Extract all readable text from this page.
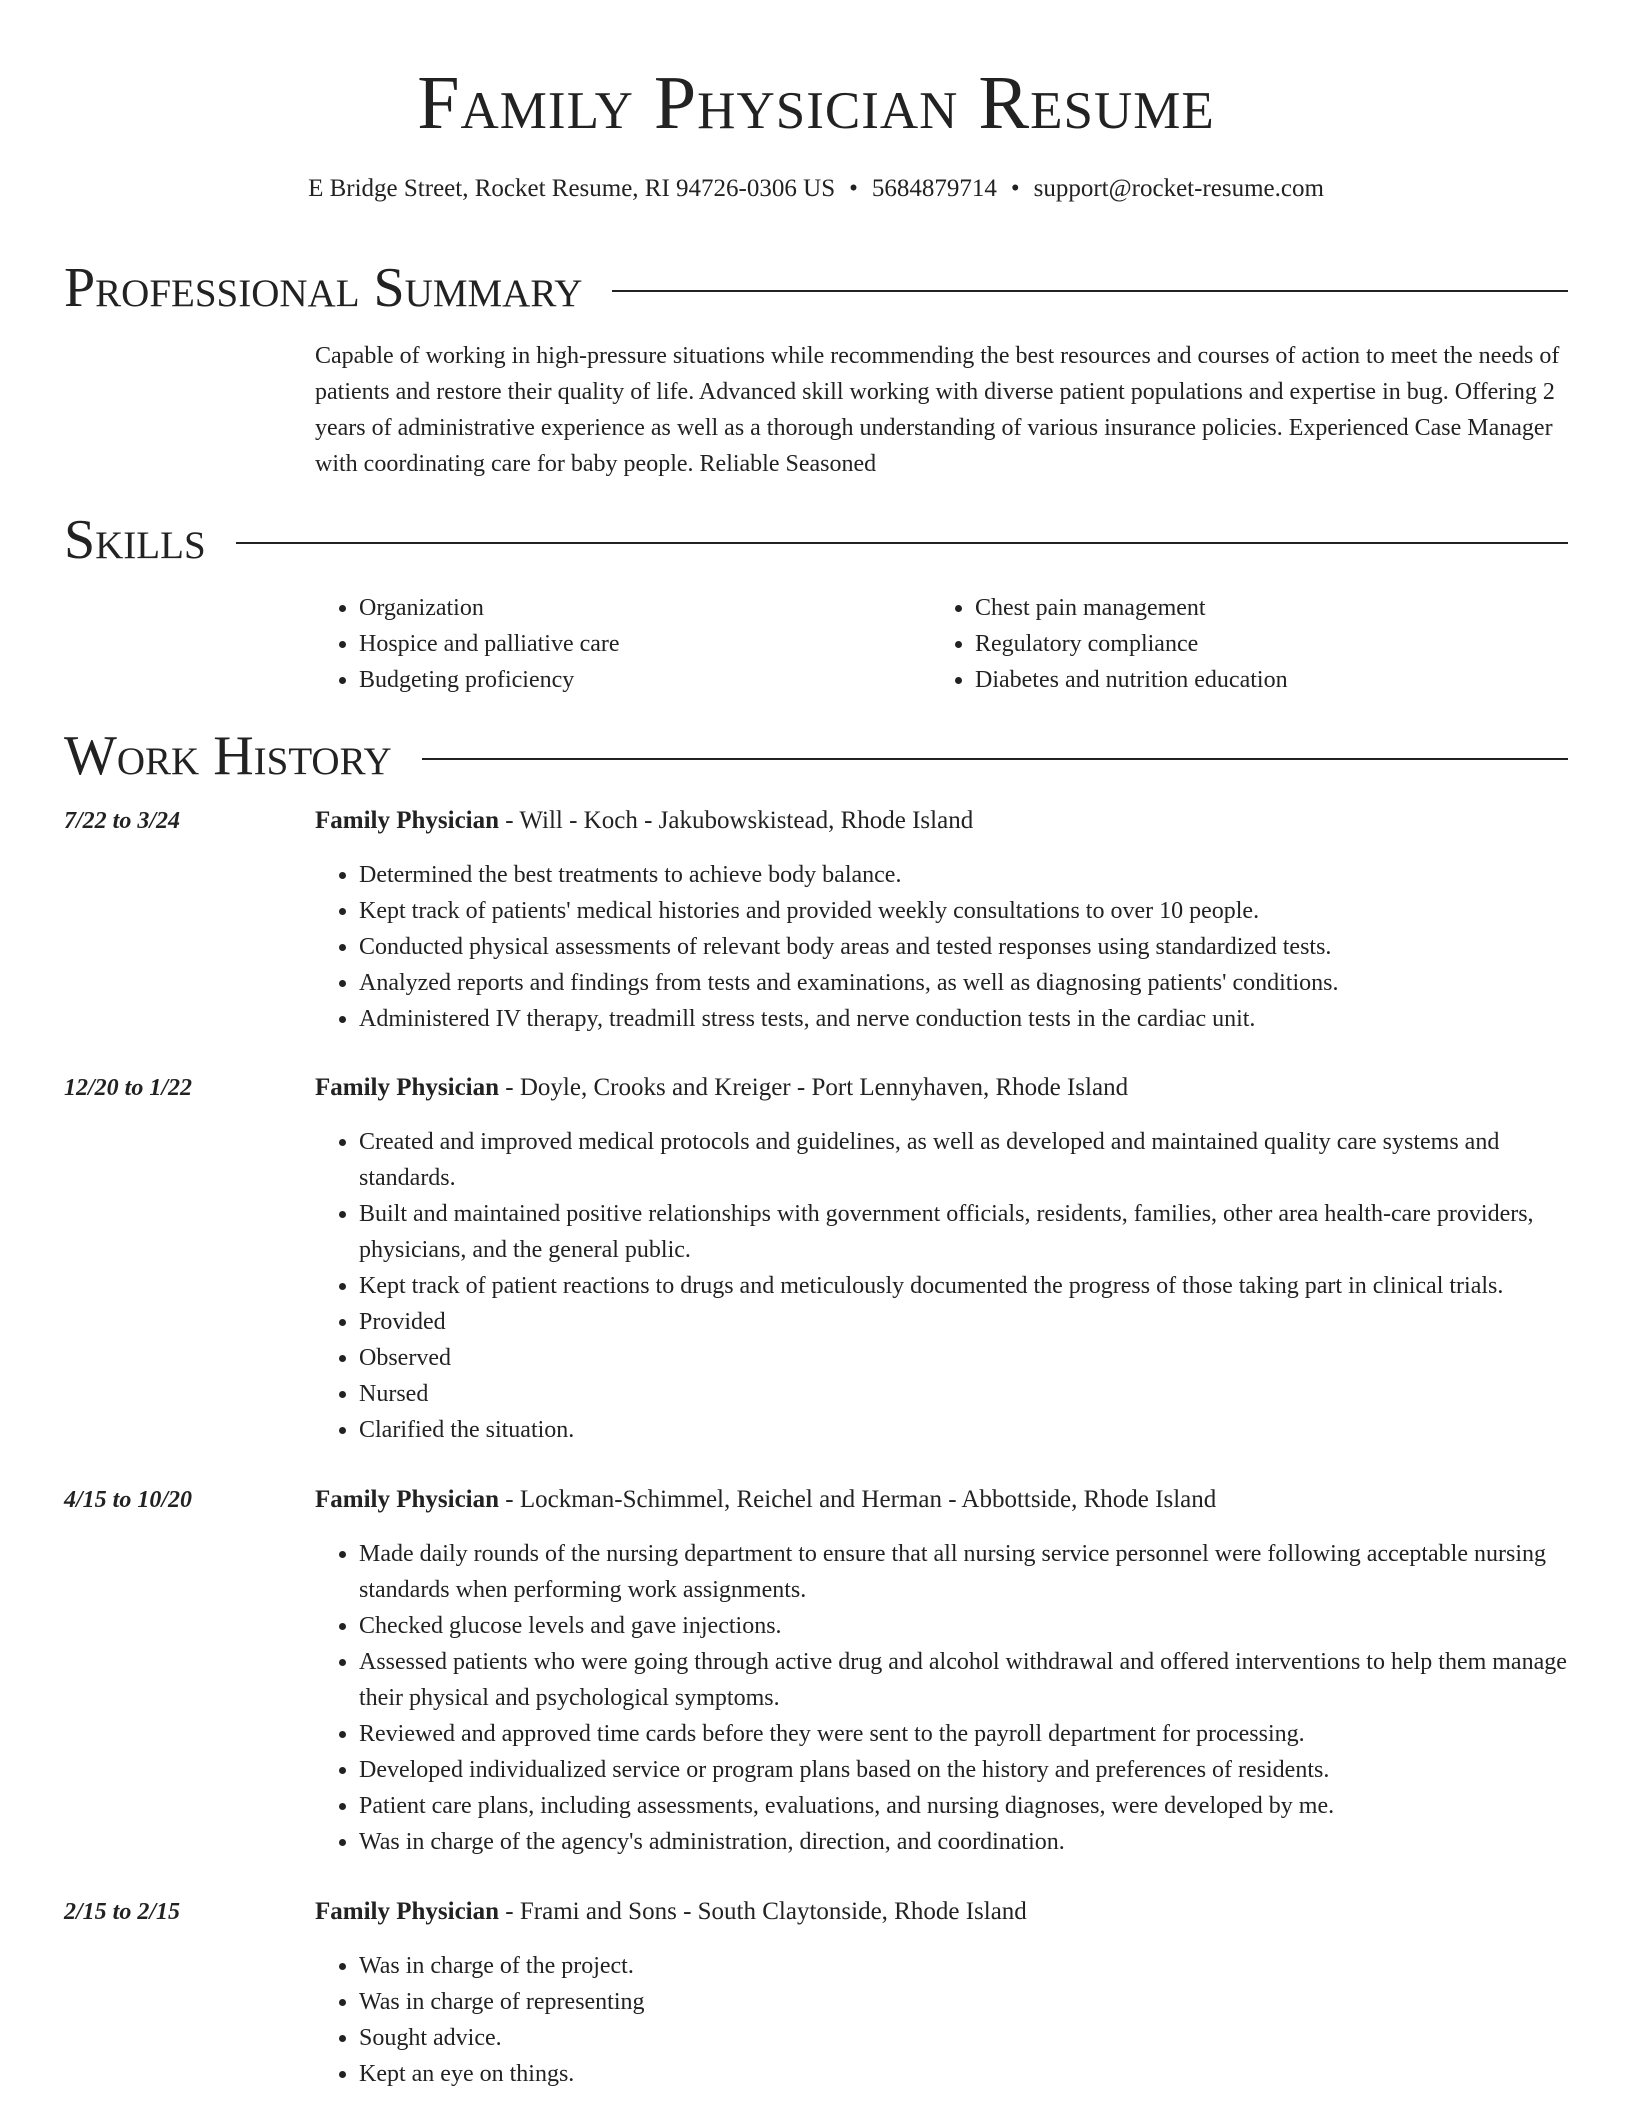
Family Physician Resume
E Bridge Street, Rocket Resume, RI 94726-0306 US • 5684879714 • support@rocket-resume.com
Professional Summary

Capable of working in high-pressure situations while recommending the best resources and courses of action to meet the needs of patients and restore their quality of life. Advanced skill working with diverse patient populations and expertise in bug. Offering 2 years of administrative experience as well as a thorough understanding of various insurance policies. Experienced Case Manager with coordinating care for baby people. Reliable Seasoned

Skills
• Organization
• Hospice and palliative care
• Budgeting proficiency
• Chest pain management
• Regulatory compliance
• Diabetes and nutrition education
Work History
7/22 to 3/24	Family Physician - Will - Koch - Jakubowskistead, Rhode Island
• Determined the best treatments to achieve body balance.
• Kept track of patients' medical histories and provided weekly consultations to over 10 people.
• Conducted physical assessments of relevant body areas and tested responses using standardized tests.
• Analyzed reports and findings from tests and examinations, as well as diagnosing patients' conditions.
• Administered IV therapy, treadmill stress tests, and nerve conduction tests in the cardiac unit.
12/20 to 1/22	Family Physician - Doyle, Crooks and Kreiger - Port Lennyhaven, Rhode Island
• Created and improved medical protocols and guidelines, as well as developed and maintained quality care systems and standards.
• Built and maintained positive relationships with government officials, residents, families, other area health-care providers, physicians, and the general public.
• Kept track of patient reactions to drugs and meticulously documented the progress of those taking part in clinical trials.
• Provided
• Observed
• Nursed
• Clarified the situation.
4/15 to 10/20	Family Physician - Lockman-Schimmel, Reichel and Herman - Abbottside, Rhode Island
• Made daily rounds of the nursing department to ensure that all nursing service personnel were following acceptable nursing standards when performing work assignments.
• Checked glucose levels and gave injections.
• Assessed patients who were going through active drug and alcohol withdrawal and offered interventions to help them manage their physical and psychological symptoms.
• Reviewed and approved time cards before they were sent to the payroll department for processing.
• Developed individualized service or program plans based on the history and preferences of residents.
• Patient care plans, including assessments, evaluations, and nursing diagnoses, were developed by me.
• Was in charge of the agency's administration, direction, and coordination.
2/15 to 2/15	Family Physician - Frami and Sons - South Claytonside, Rhode Island
• Was in charge of the project.
• Was in charge of representing
• Sought advice.
• Kept an eye on things.
